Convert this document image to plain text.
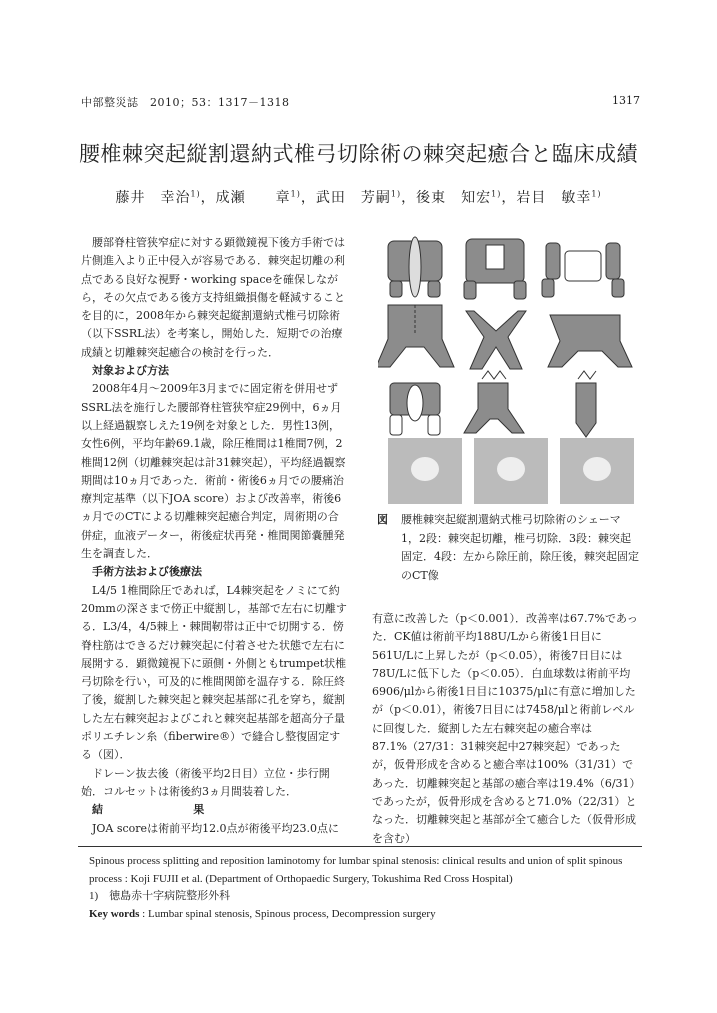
中部整災誌　2010；53：1317－1318	1317
腰椎棘突起縦割還納式椎弓切除術の棘突起癒合と臨床成績
藤井　幸治$^{1)}$，成瀬　　章$^{1)}$，武田　芳嗣$^{1)}$，後東　知宏$^{1)}$，岩目　敏幸$^{1)}$

腰部脊柱管狭窄症に対する顕微鏡視下後方手術では片側進入より正中侵入が容易である．棘突起切離の利点である良好な視野・working spaceを確保しながら，その欠点である後方支持組織損傷を軽減することを目的に，2008年から棘突起縦割還納式椎弓切除術（以下SSRL法）を考案し，開始した．短期での治療成績と切離棘突起癒合の検討を行った．

対象および方法

2008年4月～2009年3月までに固定術を併用せずSSRL法を施行した腰部脊柱管狭窄症29例中，6ヵ月以上経過観察しえた19例を対象とした．男性13例，女性6例，平均年齢69.1歳，除圧椎間は1椎間7例，2椎間12例（切離棘突起は計31棘突起），平均経過観察期間は10ヵ月であった．術前・術後6ヵ月での腰痛治療判定基準（以下JOA score）および改善率，術後6ヵ月でのCTによる切離棘突起癒合判定，周術期の合併症，血液データー，術後症状再発・椎間関節嚢腫発生を調査した．

手術方法および後療法

L4/5 1椎間除圧であれば，L4棘突起をノミにて約20mmの深さまで傍正中縦割し，基部で左右に切離する．L3/4，4/5棘上・棘間靭帯は正中で切開する．傍脊柱筋はできるだけ棘突起に付着させた状態で左右に展開する．顕微鏡視下に頭側・外側ともtrumpet状椎弓切除を行い，可及的に椎間関節を温存する．除圧終了後，縦割した棘突起と棘突起基部に孔を穿ち，縦割した左右棘突起およびこれと棘突起基部を超高分子量ポリエチレン糸（fiberwire®）で縫合し整復固定する（図）．

ドレーン抜去後（術後平均2日目）立位・歩行開始．コルセットは術後約3ヵ月間装着した．

結　果

JOA scoreは術前平均12.0点が術後平均23.0点に

図 腰椎棘突起縦割還納式椎弓切除術のシェーマ　1，2段：棘突起切離，椎弓切除．3段：棘突起固定．4段：左から除圧前，除圧後，棘突起固定のCT像

有意に改善した（p＜0.001）．改善率は67.7%であった．CK値は術前平均188U/Lから術後1日目に561U/Lに上昇したが（p＜0.05），術後7日目には78U/Lに低下した（p＜0.05）．白血球数は術前平均6906/μlから術後1日目に10375/μlに有意に増加したが（p＜0.01），術後7日目には7458/μlと術前レベルに回復した．縦割した左右棘突起の癒合率は87.1%（27/31：31棘突起中27棘突起）であったが，仮骨形成を含めると癒合率は100%（31/31）であった．切離棘突起と基部の癒合率は19.4%（6/31）であったが，仮骨形成を含めると71.0%（22/31）となった．切離棘突起と基部が全て癒合した（仮骨形成を含む）

Spinous process splitting and reposition laminotomy for lumbar spinal stenosis: clinical results and union of split spinous process : Koji FUJII et al. (Department of Orthopaedic Surgery, Tokushima Red Cross Hospital)
1)　徳島赤十字病院整形外科
Key words : Lumbar spinal stenosis, Spinous process, Decompression surgery
